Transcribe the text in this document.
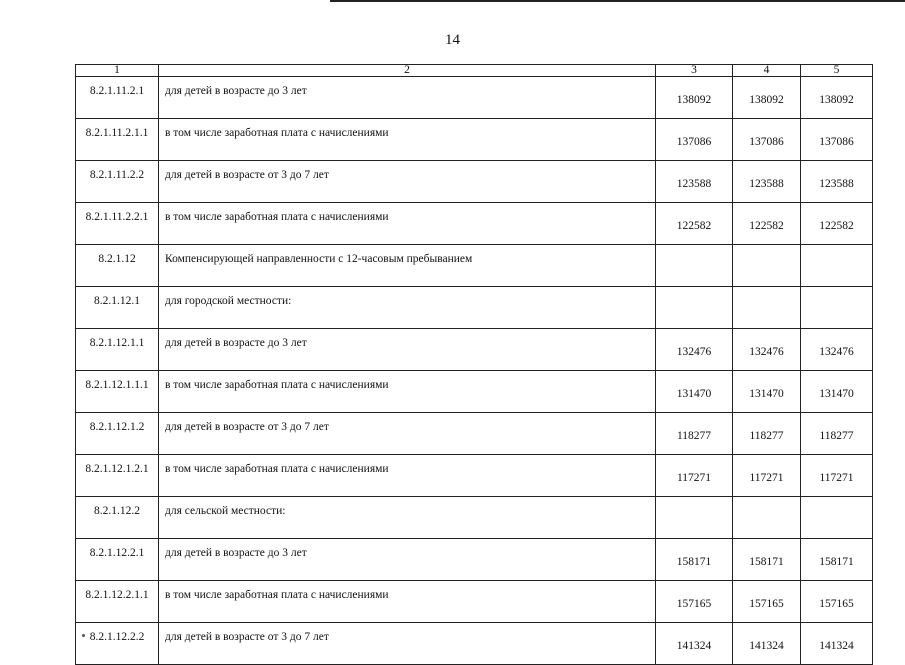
14
1	2	3	4	5
8.2.1.11.2.1	для детей в возрасте до 3 лет	138092	138092	138092
8.2.1.11.2.1.1	в том числе заработная плата с начислениями	137086	137086	137086
8.2.1.11.2.2	для детей в возрасте от 3 до 7 лет	123588	123588	123588
8.2.1.11.2.2.1	в том числе заработная плата с начислениями	122582	122582	122582
8.2.1.12	Компенсирующей направленности с 12-часовым пребыванием			
8.2.1.12.1	для городской местности:			
8.2.1.12.1.1	для детей в возрасте до 3 лет	132476	132476	132476
8.2.1.12.1.1.1	в том числе заработная плата с начислениями	131470	131470	131470
8.2.1.12.1.2	для детей в возрасте от 3 до 7 лет	118277	118277	118277
8.2.1.12.1.2.1	в том числе заработная плата с начислениями	117271	117271	117271
8.2.1.12.2	для сельской местности:			
8.2.1.12.2.1	для детей в возрасте до 3 лет	158171	158171	158171
8.2.1.12.2.1.1	в том числе заработная плата с начислениями	157165	157165	157165
8.2.1.12.2.2	для детей в возрасте от 3 до 7 лет	141324	141324	141324
